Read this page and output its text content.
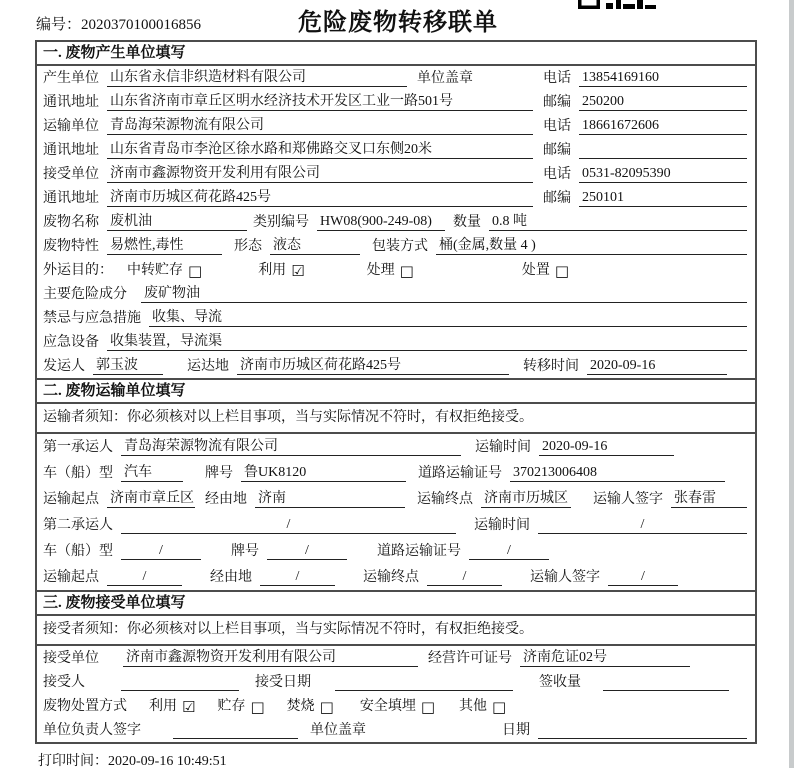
编号：2020370100016856	危险废物转移联单
一. 废物产生单位填写
产生单位 山东省永信非织造材料有限公司	单位盖章	电话 13854169160
通讯地址 山东省济南市章丘区明水经济技术开发区工业一路501号	邮编 250200
运输单位 青岛海荣源物流有限公司	电话 18661672606
通讯地址 山东省青岛市李沧区徐水路和郑佛路交叉口东侧20米	邮编
接受单位 济南市鑫源物资开发利用有限公司	电话 0531-82095390
通讯地址 济南市历城区荷花路425号	邮编 250101
废物名称 废机油	类别编号 HW08(900-249-08)	数量 0.8 吨
废物特性 易燃性,毒性	形态 液态	包装方式 桶(金属,数量 4 )
外运目的： 中转贮存 □	利用 ☑	处理 □	处置 □
主要危险成分 废矿物油
禁忌与应急措施 收集、导流
应急设备 收集装置，导流渠
发运人 郭玉波	运达地 济南市历城区荷花路425号	转移时间 2020-09-16
二. 废物运输单位填写
运输者须知：你必须核对以上栏目事项，当与实际情况不符时，有权拒绝接受。
第一承运人 青岛海荣源物流有限公司	运输时间 2020-09-16
车（船）型 汽车	牌号 鲁UK8120	道路运输证号 370213006408
运输起点 济南市章丘区 经由地 济南	运输终点 济南市历城区 运输人签字 张春雷
第二承运人	/	运输时间	/
车（船）型	/	牌号	/	道路运输证号	/
运输起点	/	经由地	/	运输终点	/	运输人签字	/
三. 废物接受单位填写
接受者须知：你必须核对以上栏目事项，当与实际情况不符时，有权拒绝接受。
接受单位 济南市鑫源物资开发利用有限公司	经营许可证号 济南危证02号
接受人	接受日期	签收量
废物处置方式 利用 ☑ 贮存 □ 焚烧 □ 安全填埋 □ 其他 □
单位负责人签字	单位盖章	日期
打印时间：2020-09-16 10:49:51
